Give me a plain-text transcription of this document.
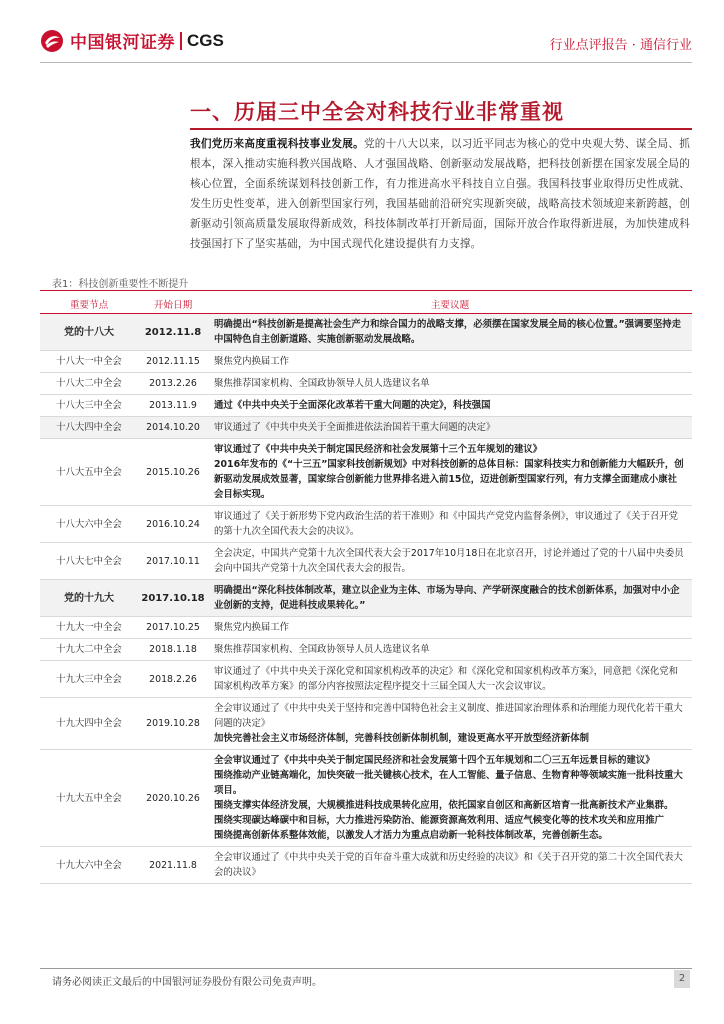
中国银河证券 CGS	行业点评报告 · 通信行业
一、历届三中全会对科技行业非常重视
我们党历来高度重视科技事业发展。党的十八大以来，以习近平同志为核心的党中央观大势、谋全局、抓根本，深入推动实施科教兴国战略、人才强国战略、创新驱动发展战略，把科技创新摆在国家发展全局的核心位置，全面系统谋划科技创新工作，有力推进高水平科技自立自强。我国科技事业取得历史性成就、发生历史性变革，进入创新型国家行列，我国基础前沿研究实现新突破，战略高技术领域迎来新跨越，创新驱动引领高质量发展取得新成效，科技体制改革打开新局面，国际开放合作取得新进展，为加快建成科技强国打下了坚实基础，为中国式现代化建设提供有力支撑。
表1：科技创新重要性不断提升
重要节点	开始日期	主要议题
党的十八大	2012.11.8	明确提出“科技创新是提高社会生产力和综合国力的战略支撑，必须摆在国家发展全局的核心位置。”强调要坚持走中国特色自主创新道路、实施创新驱动发展战略。

十八大一中全会	2012.11.15	聚焦党内换届工作

十八大二中全会	2013.2.26	聚焦推荐国家机构、全国政协领导人员人选建议名单

十八大三中全会	2013.11.9	通过《中共中央关于全面深化改革若干重大问题的决定》，科技强国

十八大四中全会	2014.10.20	审议通过了《中共中央关于全面推进依法治国若干重大问题的决定》

十八大五中全会	2015.10.26	审议通过了《中共中央关于制定国民经济和社会发展第十三个五年规划的建议》
2016年发布的《“十三五”国家科技创新规划》中对科技创新的总体目标：国家科技实力和创新能力大幅跃升，创新驱动发展成效显著，国家综合创新能力世界排名进入前15位，迈进创新型国家行列，有力支撑全面建成小康社会目标实现。

十八大六中全会	2016.10.24	审议通过了《关于新形势下党内政治生活的若干准则》和《中国共产党党内监督条例》，审议通过了《关于召开党的第十九次全国代表大会的决议》。

十八大七中全会	2017.10.11	全会决定，中国共产党第十九次全国代表大会于2017年10月18日在北京召开，讨论并通过了党的十八届中央委员会向中国共产党第十九次全国代表大会的报告。

党的十九大	2017.10.18	明确提出“深化科技体制改革，建立以企业为主体、市场为导向、产学研深度融合的技术创新体系，加强对中小企业创新的支持，促进科技成果转化。”

十九大一中全会	2017.10.25	聚焦党内换届工作

十九大二中全会	2018.1.18	聚焦推荐国家机构、全国政协领导人员人选建议名单

十九大三中全会	2018.2.26	审议通过了《中共中央关于深化党和国家机构改革的决定》和《深化党和国家机构改革方案》，同意把《深化党和国家机构改革方案》的部分内容按照法定程序提交十三届全国人大一次会议审议。

十九大四中全会	2019.10.28	全会审议通过了《中共中央关于坚持和完善中国特色社会主义制度、推进国家治理体系和治理能力现代化若干重大问题的决定》
加快完善社会主义市场经济体制，完善科技创新体制机制，建设更高水平开放型经济新体制

十九大五中全会	2020.10.26	全会审议通过了《中共中央关于制定国民经济和社会发展第十四个五年规划和二〇三五年远景目标的建议》
围绕推动产业链高端化，加快突破一批关键核心技术，在人工智能、量子信息、生物育种等领域实施一批科技重大项目。
围绕支撑实体经济发展，大规模推进科技成果转化应用，依托国家自创区和高新区培育一批高新技术产业集群。
围绕实现碳达峰碳中和目标，大力推进污染防治、能源资源高效利用、适应气候变化等的技术攻关和应用推广
围绕提高创新体系整体效能，以激发人才活力为重点启动新一轮科技体制改革，完善创新生态。

十九大六中全会	2021.11.8	全会审议通过了《中共中央关于党的百年奋斗重大成就和历史经验的决议》和《关于召开党的第二十次全国代表大会的决议》
请务必阅读正文最后的中国银河证券股份有限公司免责声明。	2
